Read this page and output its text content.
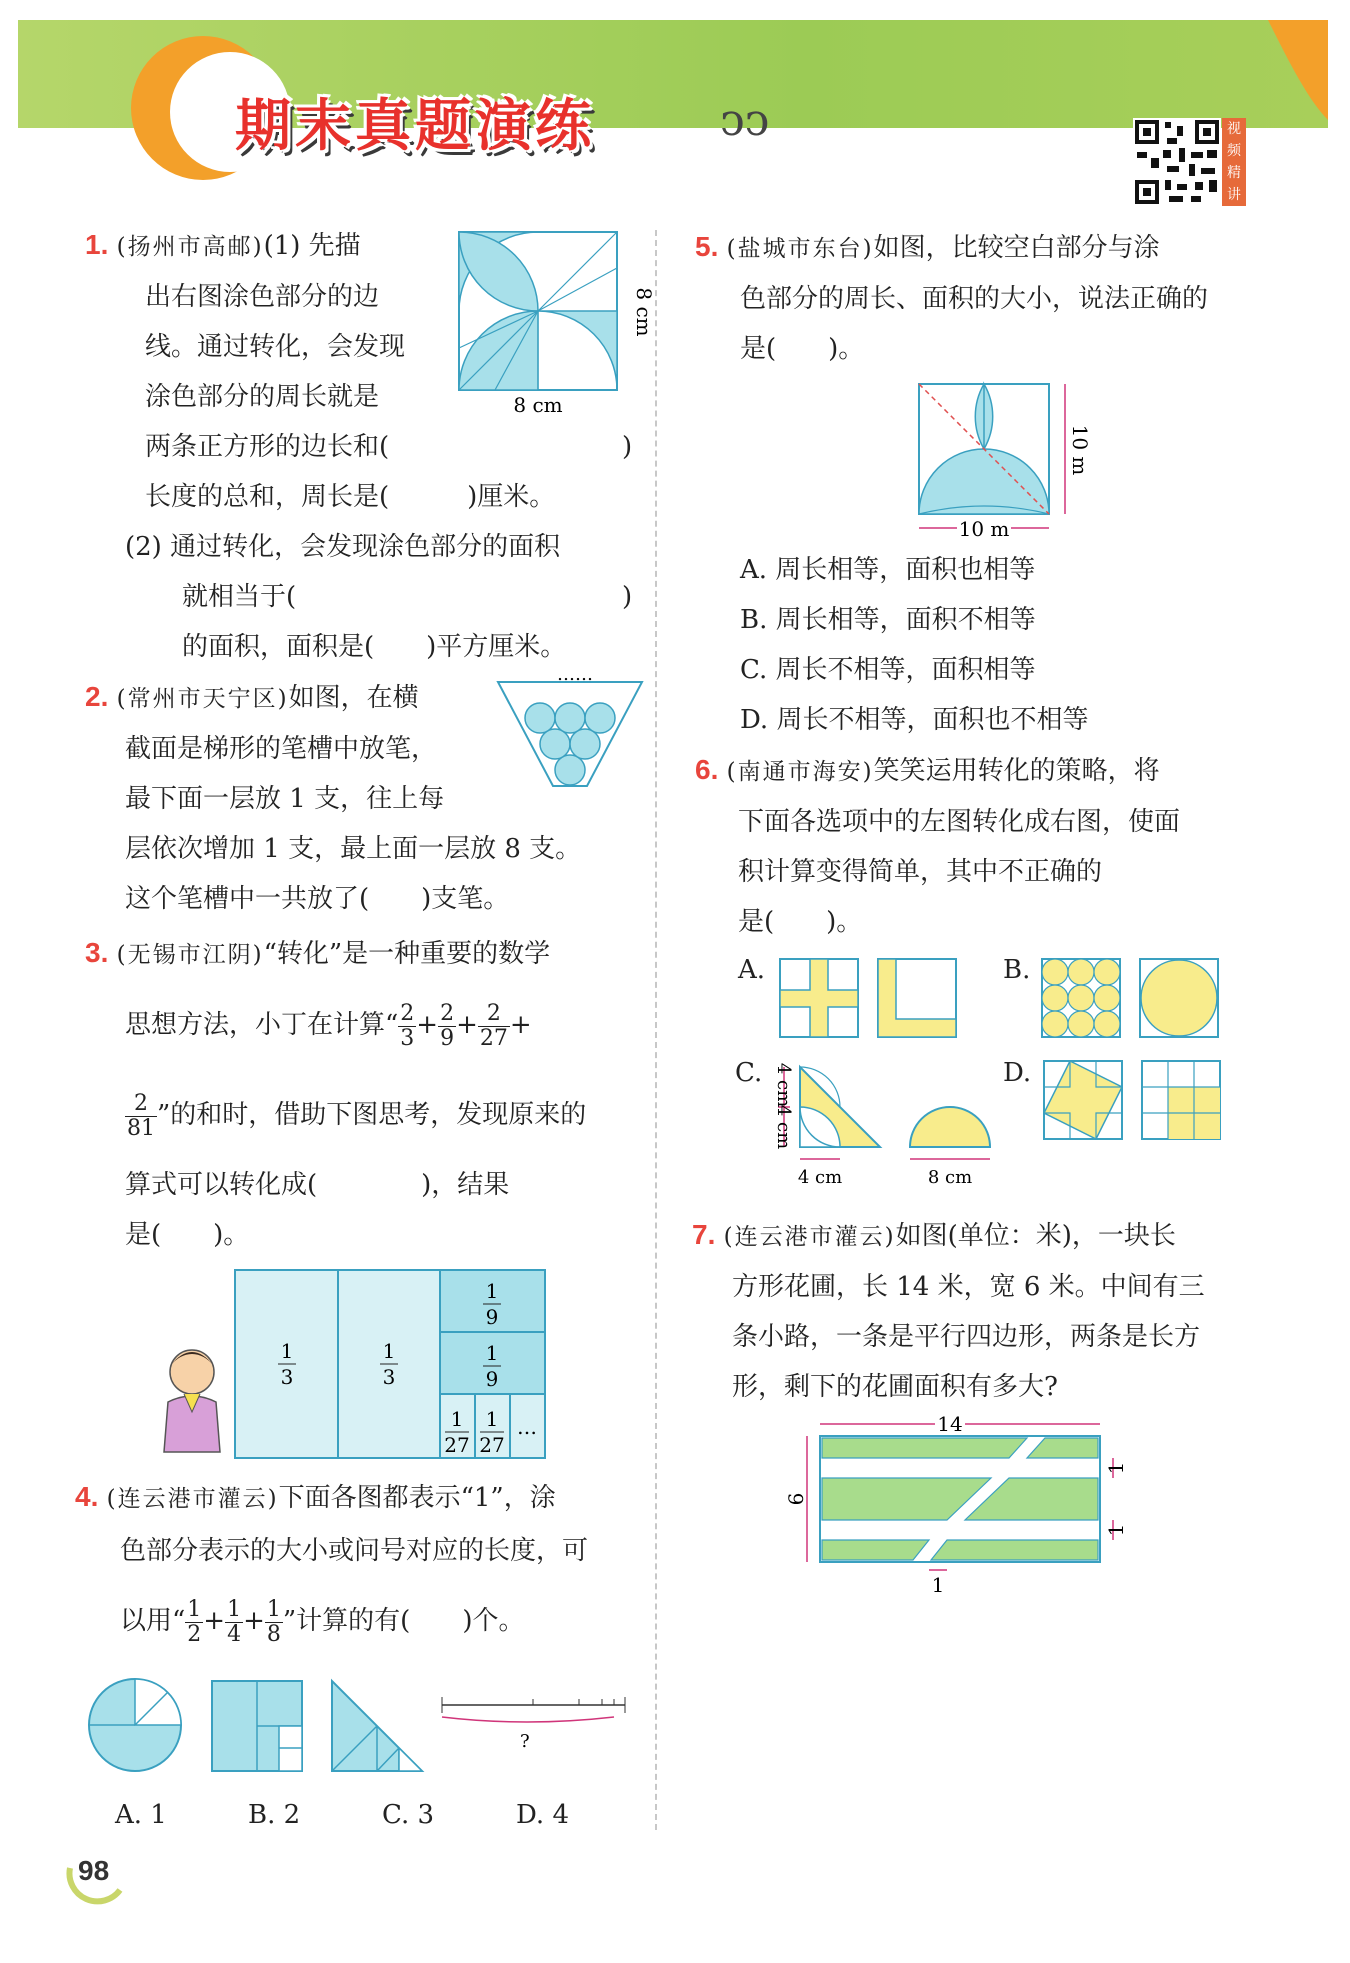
期末真题演练	ↄↄ	视
频
精
讲
1. (扬州市高邮)(1) 先描
出右图涂色部分的边
线。通过转化，会发现
涂色部分的周长就是
两条正方形的边长和(	)
长度的总和，周长是(　　　)厘米。
(2) 通过转化，会发现涂色部分的面积
就相当于(	)
的面积，面积是(　　)平方厘米。
8 cm
8 cm
2. (常州市天宁区)如图，在横
截面是梯形的笔槽中放笔，
最下面一层放 1 支，往上每
层依次增加 1 支，最上面一层放 8 支。
这个笔槽中一共放了(　　)支笔。
……
3. (无锡市江阴)“转化”是一种重要的数学
思想方法，小丁在计算“ $\frac{2}{3} + \frac{2}{9} + \frac{2}{27}$ +
$\frac{2}{81}$ ”的和时，借助下图思考，发现原来的
算式可以转化成(　　　　)，结果
是(　　)。
1
3
1
3
1
9
1
9
1
27
1
27
…
4. (连云港市灌云)下面各图都表示“1”，涂
色部分表示的大小或问号对应的长度，可
以用“ $\frac{1}{2} + \frac{1}{4} + \frac{1}{8}$ ”计算的有(　　)个。
?
A. 1	B. 2	C. 3	D. 4
5. (盐城市东台)如图，比较空白部分与涂
色部分的周长、面积的大小，说法正确的
是(　　)。
10 m
10 m
A. 周长相等，面积也相等
B. 周长相等，面积不相等
C. 周长不相等，面积相等
D. 周长不相等，面积也不相等
6. (南通市海安)笑笑运用转化的策略，将
下面各选项中的左图转化成右图，使面
积计算变得简单，其中不正确的
是(　　)。
A.	B.
C.	D.
4 cm
4 cm
4 cm	8 cm
7. (连云港市灌云)如图(单位：米)，一块长
方形花圃，长 14 米，宽 6 米。中间有三
条小路，一条是平行四边形，两条是长方
形，剩下的花圃面积有多大?
14
6
1
1
1
98
